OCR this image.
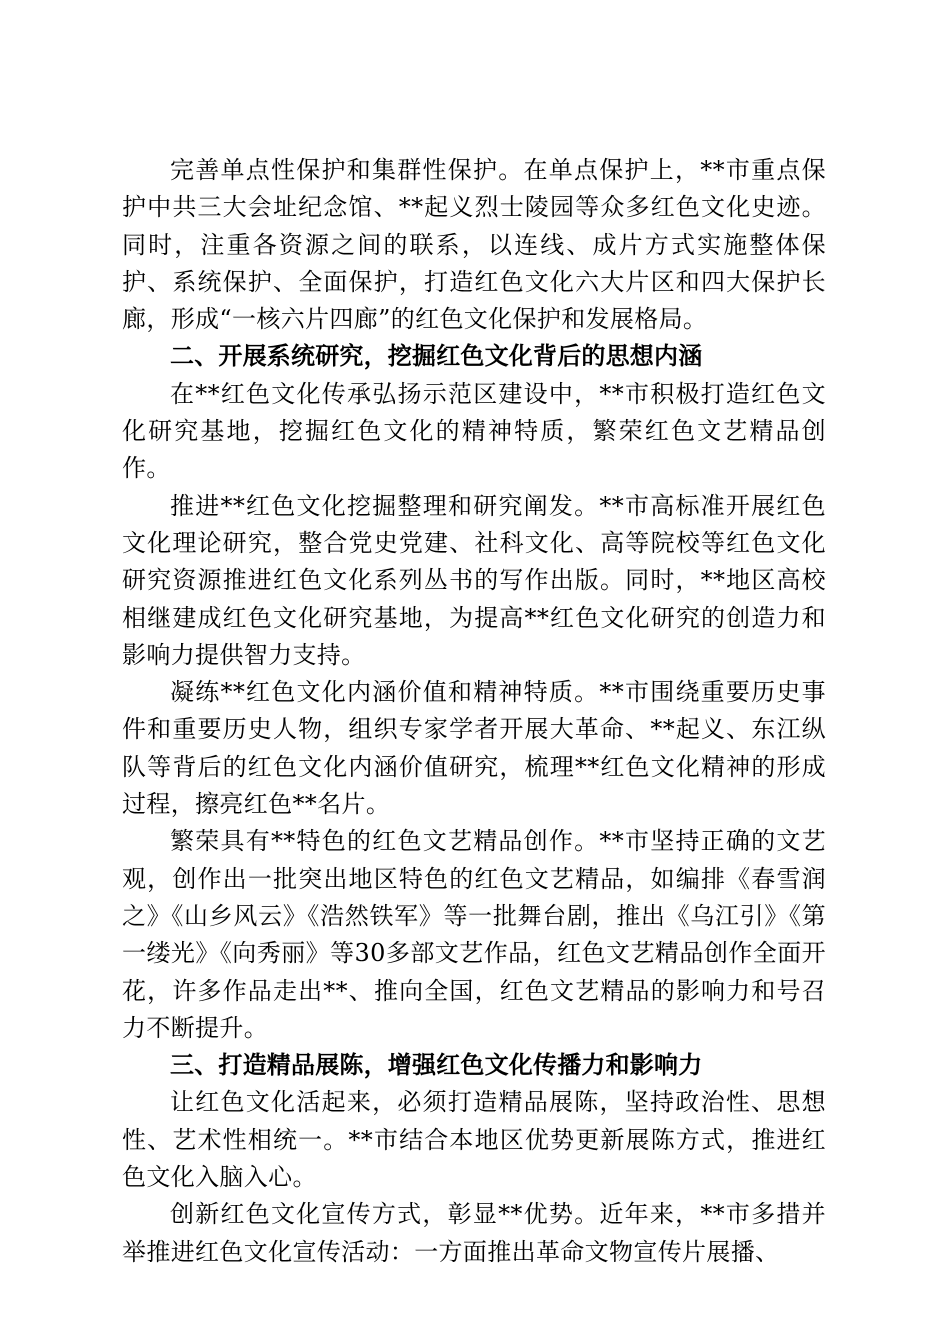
完善单点性保护和集群性保护。在单点保护上，**市重点保护中共三大会址纪念馆、**起义烈士陵园等众多红色文化史迹。同时，注重各资源之间的联系，以连线、成片方式实施整体保护、系统保护、全面保护，打造红色文化六大片区和四大保护长廊，形成“一核六片四廊”的红色文化保护和发展格局。

二、开展系统研究，挖掘红色文化背后的思想内涵

在**红色文化传承弘扬示范区建设中，**市积极打造红色文化研究基地，挖掘红色文化的精神特质，繁荣红色文艺精品创作。

推进**红色文化挖掘整理和研究阐发。**市高标准开展红色文化理论研究，整合党史党建、社科文化、高等院校等红色文化研究资源推进红色文化系列丛书的写作出版。同时，**地区高校相继建成红色文化研究基地，为提高**红色文化研究的创造力和影响力提供智力支持。

凝练**红色文化内涵价值和精神特质。**市围绕重要历史事件和重要历史人物，组织专家学者开展大革命、**起义、东江纵队等背后的红色文化内涵价值研究，梳理**红色文化精神的形成过程，擦亮红色**名片。

繁荣具有**特色的红色文艺精品创作。**市坚持正确的文艺观，创作出一批突出地区特色的红色文艺精品，如编排《春雪润之》《山乡风云》《浩然铁军》等一批舞台剧，推出《乌江引》《第一缕光》《向秀丽》等30多部文艺作品，红色文艺精品创作全面开花，许多作品走出**、推向全国，红色文艺精品的影响力和号召力不断提升。

三、打造精品展陈，增强红色文化传播力和影响力

让红色文化活起来，必须打造精品展陈，坚持政治性、思想性、艺术性相统一。**市结合本地区优势更新展陈方式，推进红色文化入脑入心。

创新红色文化宣传方式，彰显**优势。近年来，**市多措并举推进红色文化宣传活动：一方面推出革命文物宣传片展播、
